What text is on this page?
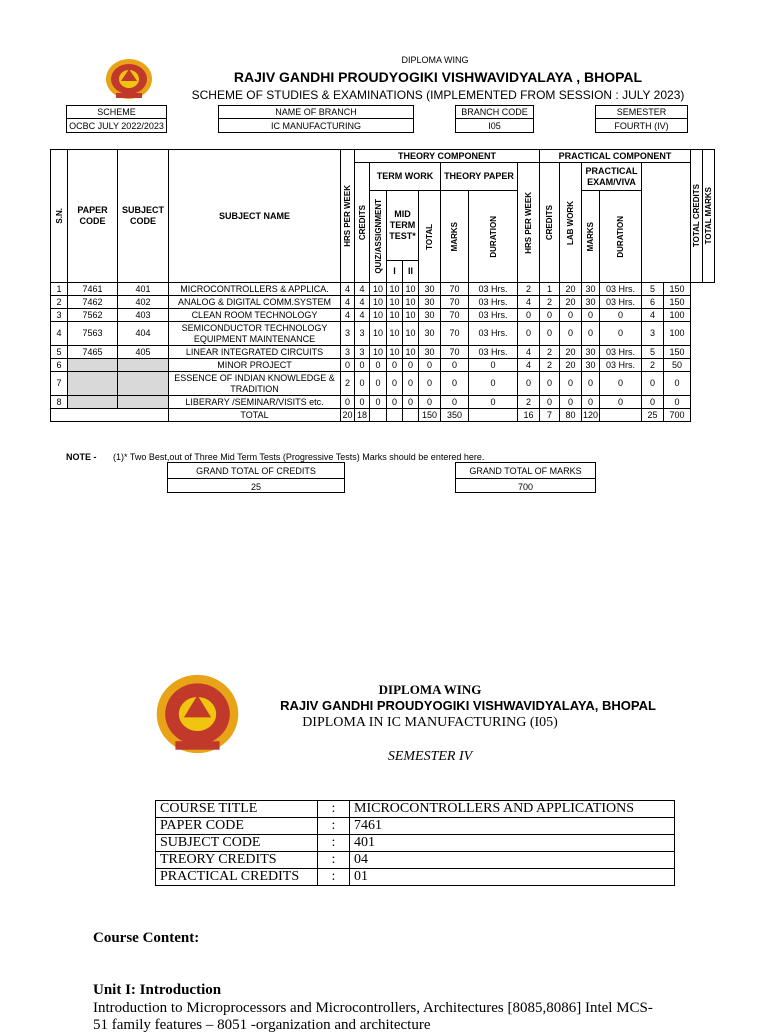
DIPLOMA WING
RAJIV GANDHI PROUDYOGIKI VISHWAVIDYALAYA , BHOPAL
SCHEME OF STUDIES & EXAMINATIONS (IMPLEMENTED FROM SESSION : JULY 2023)
SCHEME
OCBC JULY 2022/2023
NAME OF BRANCH
IC MANUFACTURING
BRANCH CODE
I05
SEMESTER
FOURTH (IV)
S.N.	PAPER CODE	SUBJECT CODE	SUBJECT NAME	HRS PER WEEK	THEORY COMPONENT								PRACTICAL COMPONENT						TOTAL CREDITS	TOTAL MARKS

					CREDITS	TERM WORK				THEORY PAPER		HRS PER WEEK	CREDITS	LAB WORK	PRACTICAL EXAM/VIVA					

						QUIZ/ASSIGNMENT	MID TERM TEST*		TOTAL	MARKS	DURATION				MARKS	DURATION				

							I	II												
1	7461	401	MICROCONTROLLERS & APPLICA.	4	4	10	10	10	30	70	03 Hrs.	2	1	20	30	03 Hrs.	5	150		
2	7462	402	ANALOG & DIGITAL COMM.SYSTEM	4	4	10	10	10	30	70	03 Hrs.	4	2	20	30	03 Hrs.	6	150		
3	7562	403	CLEAN ROOM TECHNOLOGY	4	4	10	10	10	30	70	03 Hrs.	0	0	0	0	0	4	100		
4	7563	404	SEMICONDUCTOR TECHNOLOGY EQUIPMENT MAINTENANCE	3	3	10	10	10	30	70	03 Hrs.	0	0	0	0	0	3	100		
5	7465	405	LINEAR INTEGRATED CIRCUITS	3	3	10	10	10	30	70	03 Hrs.	4	2	20	30	03 Hrs.	5	150		
6			MINOR PROJECT	0	0	0	0	0	0	0	0	4	2	20	30	03 Hrs.	2	50		
7			ESSENCE OF INDIAN KNOWLEDGE & TRADITION	2	0	0	0	0	0	0	0	0	0	0	0	0	0	0		
8			LIBERARY /SEMINAR/VISITS etc.	0	0	0	0	0	0	0	0	2	0	0	0	0	0	0		
			TOTAL	20	18				150	350		16	7	80	120		25	700		
NOTE - (1)* Two Best,out of Three Mid Term Tests (Progressive Tests) Marks should be entered here.
GRAND TOTAL OF CREDITS
25
GRAND TOTAL OF MARKS
700
DIPLOMA WING
RAJIV GANDHI PROUDYOGIKI VISHWAVIDYALAYA, BHOPAL
DIPLOMA IN IC MANUFACTURING (I05)
SEMESTER IV
COURSE TITLE	:	MICROCONTROLLERS AND APPLICATIONS
PAPER CODE	:	7461
SUBJECT CODE	:	401
TREORY CREDITS	:	04
PRACTICAL CREDITS	:	01
Course Content:
Unit I: Introduction
Introduction to Microprocessors and Microcontrollers, Architectures [8085,8086] Intel MCS-
51 family features – 8051 -organization and architecture
